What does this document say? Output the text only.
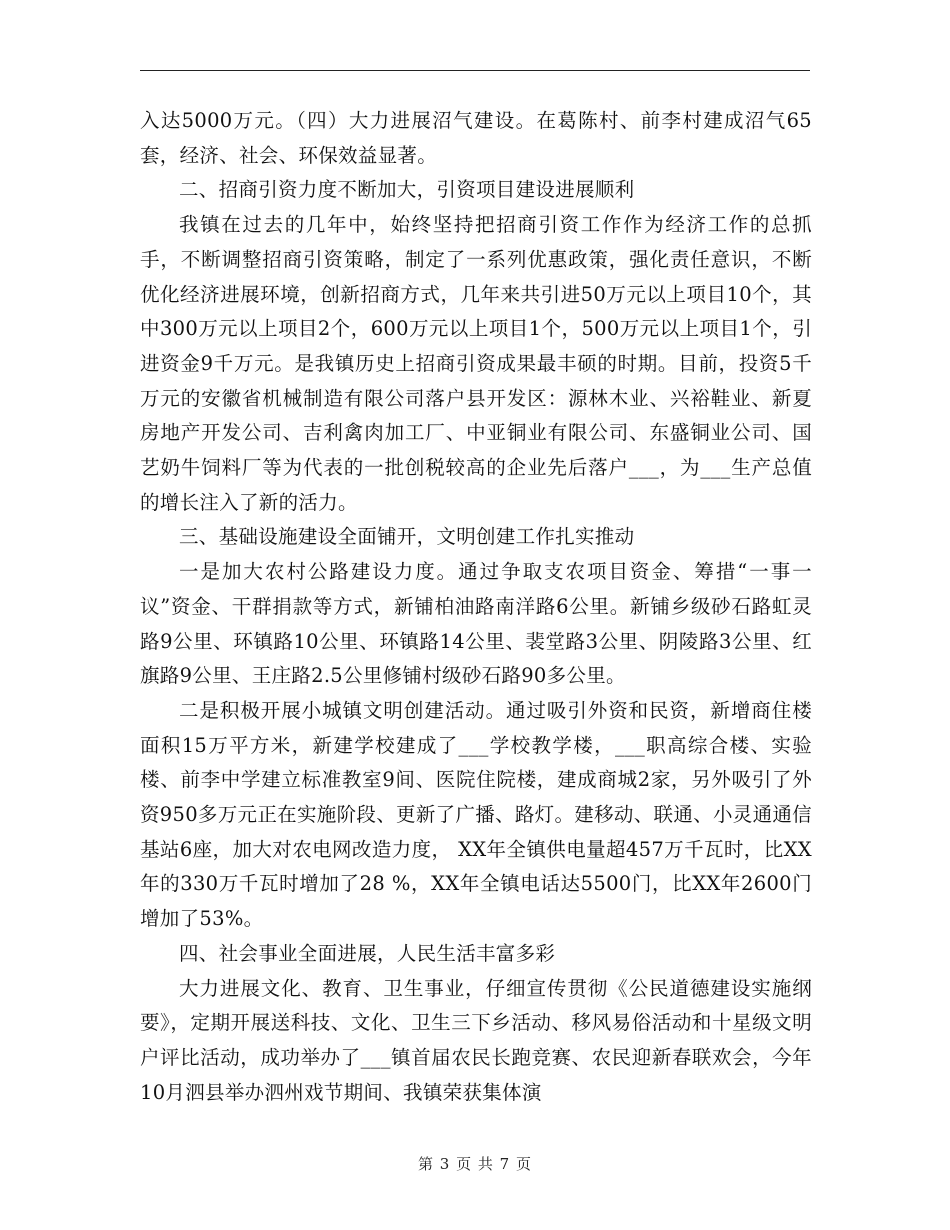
入达5000万元。（四）大力进展沼气建设。在葛陈村、前李村建成沼气65套，经济、社会、环保效益显著。

二、招商引资力度不断加大，引资项目建设进展顺利

我镇在过去的几年中，始终坚持把招商引资工作作为经济工作的总抓手，不断调整招商引资策略，制定了一系列优惠政策，强化责任意识，不断优化经济进展环境，创新招商方式，几年来共引进50万元以上项目10个，其中300万元以上项目2个，600万元以上项目1个，500万元以上项目1个，引进资金9千万元。是我镇历史上招商引资成果最丰硕的时期。目前，投资5千万元的安徽省机械制造有限公司落户县开发区：源林木业、兴裕鞋业、新夏房地产开发公司、吉利禽肉加工厂、中亚铜业有限公司、东盛铜业公司、国艺奶牛饲料厂等为代表的一批创税较高的企业先后落户___，为___生产总值的增长注入了新的活力。

三、基础设施建设全面铺开，文明创建工作扎实推动

一是加大农村公路建设力度。通过争取支农项目资金、筹措“一事一议”资金、干群捐款等方式，新铺柏油路南洋路6公里。新铺乡级砂石路虹灵路9公里、环镇路10公里、环镇路14公里、裴堂路3公里、阴陵路3公里、红旗路9公里、王庄路2.5公里修铺村级砂石路90多公里。

二是积极开展小城镇文明创建活动。通过吸引外资和民资，新增商住楼面积15万平方米，新建学校建成了___学校教学楼，___职高综合楼、实验楼、前李中学建立标准教室9间、医院住院楼，建成商城2家，另外吸引了外资950多万元正在实施阶段、更新了广播、路灯。建移动、联通、小灵通通信基站6座，加大对农电网改造力度， XX年全镇供电量超457万千瓦时，比XX年的330万千瓦时增加了28 %，XX年全镇电话达5500门，比XX年2600门增加了53%。

四、社会事业全面进展，人民生活丰富多彩

大力进展文化、教育、卫生事业，仔细宣传贯彻《公民道德建设实施纲要》，定期开展送科技、文化、卫生三下乡活动、移风易俗活动和十星级文明户评比活动，成功举办了___镇首届农民长跑竞赛、农民迎新春联欢会，今年10月泗县举办泗州戏节期间、我镇荣获集体演

第 3 页 共 7 页
